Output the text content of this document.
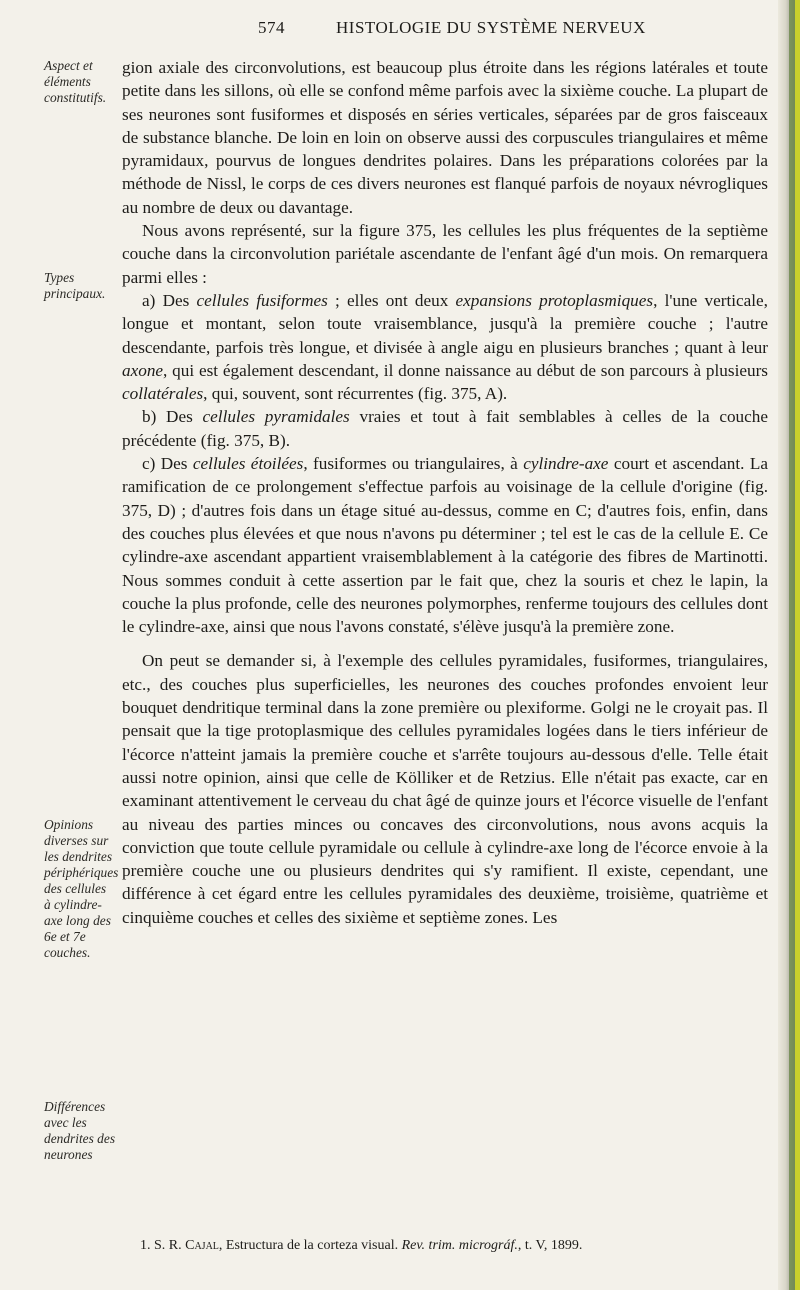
574	HISTOLOGIE DU SYSTÈME NERVEUX
Aspect et éléments constitutifs.
Types principaux.
Opinions diverses sur les dendrites périphériques des cellules à cylindre-axe long des 6e et 7e couches.
Différences avec les dendrites des neurones

gion axiale des circonvolutions, est beaucoup plus étroite dans les régions latérales et toute petite dans les sillons, où elle se confond même parfois avec la sixième couche. La plupart de ses neurones sont fusiformes et disposés en séries verticales, séparées par de gros faisceaux de substance blanche. De loin en loin on observe aussi des corpuscules triangulaires et même pyramidaux, pourvus de longues dendrites polaires. Dans les préparations colorées par la méthode de Nissl, le corps de ces divers neurones est flanqué parfois de noyaux névrogliques au nombre de deux ou davantage.

Nous avons représenté, sur la figure 375, les cellules les plus fréquentes de la septième couche dans la circonvolution pariétale ascendante de l'enfant âgé d'un mois. On remarquera parmi elles :

a) Des cellules fusiformes ; elles ont deux expansions protoplasmiques, l'une verticale, longue et montant, selon toute vraisemblance, jusqu'à la première couche ; l'autre descendante, parfois très longue, et divisée à angle aigu en plusieurs branches ; quant à leur axone, qui est également descendant, il donne naissance au début de son parcours à plusieurs collatérales, qui, souvent, sont récurrentes (fig. 375, A).

b) Des cellules pyramidales vraies et tout à fait semblables à celles de la couche précédente (fig. 375, B).

c) Des cellules étoilées, fusiformes ou triangulaires, à cylindre-axe court et ascendant. La ramification de ce prolongement s'effectue parfois au voisinage de la cellule d'origine (fig. 375, D) ; d'autres fois dans un étage situé au-dessus, comme en C; d'autres fois, enfin, dans des couches plus élevées et que nous n'avons pu déterminer ; tel est le cas de la cellule E. Ce cylindre-axe ascendant appartient vraisemblablement à la catégorie des fibres de Martinotti. Nous sommes conduit à cette assertion par le fait que, chez la souris et chez le lapin, la couche la plus profonde, celle des neurones polymorphes, renferme toujours des cellules dont le cylindre-axe, ainsi que nous l'avons constaté, s'élève jusqu'à la première zone.

On peut se demander si, à l'exemple des cellules pyramidales, fusiformes, triangulaires, etc., des couches plus superficielles, les neurones des couches profondes envoient leur bouquet dendritique terminal dans la zone première ou plexiforme. Golgi ne le croyait pas. Il pensait que la tige protoplasmique des cellules pyramidales logées dans le tiers inférieur de l'écorce n'atteint jamais la première couche et s'arrête toujours au-dessous d'elle. Telle était aussi notre opinion, ainsi que celle de Kölliker et de Retzius. Elle n'était pas exacte, car en examinant attentivement le cerveau du chat âgé de quinze jours et l'écorce visuelle de l'enfant au niveau des parties minces ou concaves des circonvolutions, nous avons acquis la conviction que toute cellule pyramidale ou cellule à cylindre-axe long de l'écorce envoie à la première couche une ou plusieurs dendrites qui s'y ramifient. Il existe, cependant, une différence à cet égard entre les cellules pyramidales des deuxième, troisième, quatrième et cinquième couches et celles des sixième et septième zones. Les

1. S. R. Cajal, Estructura de la corteza visual. Rev. trim. micrográf., t. V, 1899.
